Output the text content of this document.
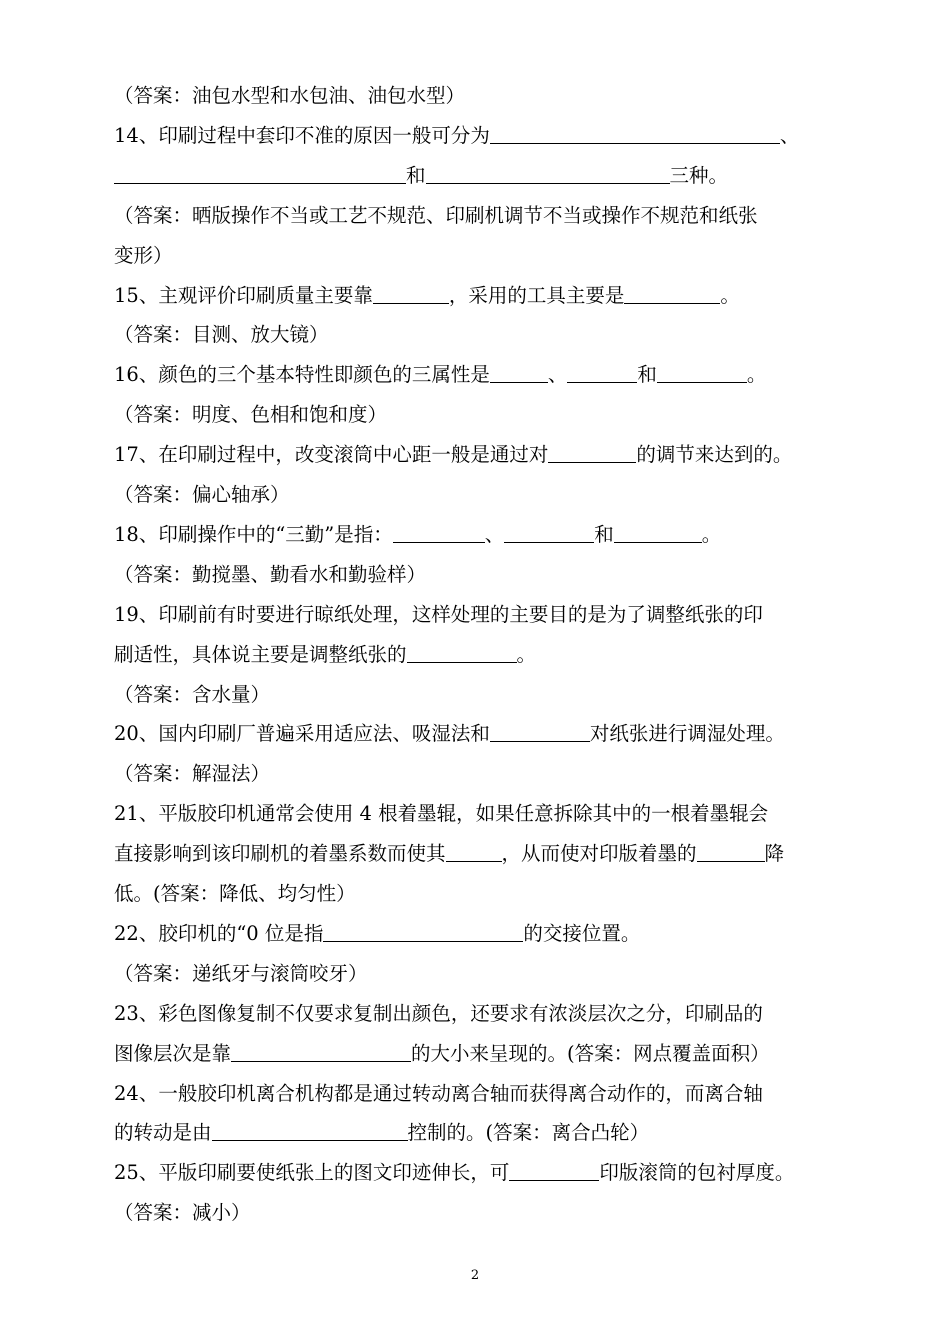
（答案：油包水型和水包油、油包水型）
14、印刷过程中套印不准的原因一般可分为	、
和	三种。
（答案：晒版操作不当或工艺不规范、印刷机调节不当或操作不规范和纸张
变形）
15、主观评价印刷质量主要靠	，采用的工具主要是	。
（答案：目测、放大镜）
16、颜色的三个基本特性即颜色的三属性是	、	和	。
（答案：明度、色相和饱和度）
17、在印刷过程中，改变滚筒中心距一般是通过对	的调节来达到的。
（答案：偏心轴承）
18、印刷操作中的“三勤”是指：	、	和	。
（答案：勤搅墨、勤看水和勤验样）
19、印刷前有时要进行晾纸处理，这样处理的主要目的是为了调整纸张的印
刷适性，具体说主要是调整纸张的	。
（答案：含水量）
20、国内印刷厂普遍采用适应法、吸湿法和	对纸张进行调湿处理。
（答案：解湿法）
21、平版胶印机通常会使用 4 根着墨辊，如果任意拆除其中的一根着墨辊会
直接影响到该印刷机的着墨系数而使其	，从而使对印版着墨的	降
低。(答案：降低、均匀性）
22、胶印机的“0 位是指	的交接位置。
（答案：递纸牙与滚筒咬牙）
23、彩色图像复制不仅要求复制出颜色，还要求有浓淡层次之分，印刷品的
图像层次是靠	的大小来呈现的。(答案：网点覆盖面积）
24、一般胶印机离合机构都是通过转动离合轴而获得离合动作的，而离合轴
的转动是由	控制的。(答案：离合凸轮）
25、平版印刷要使纸张上的图文印迹伸长，可	印版滚筒的包衬厚度。
（答案：减小）
2
